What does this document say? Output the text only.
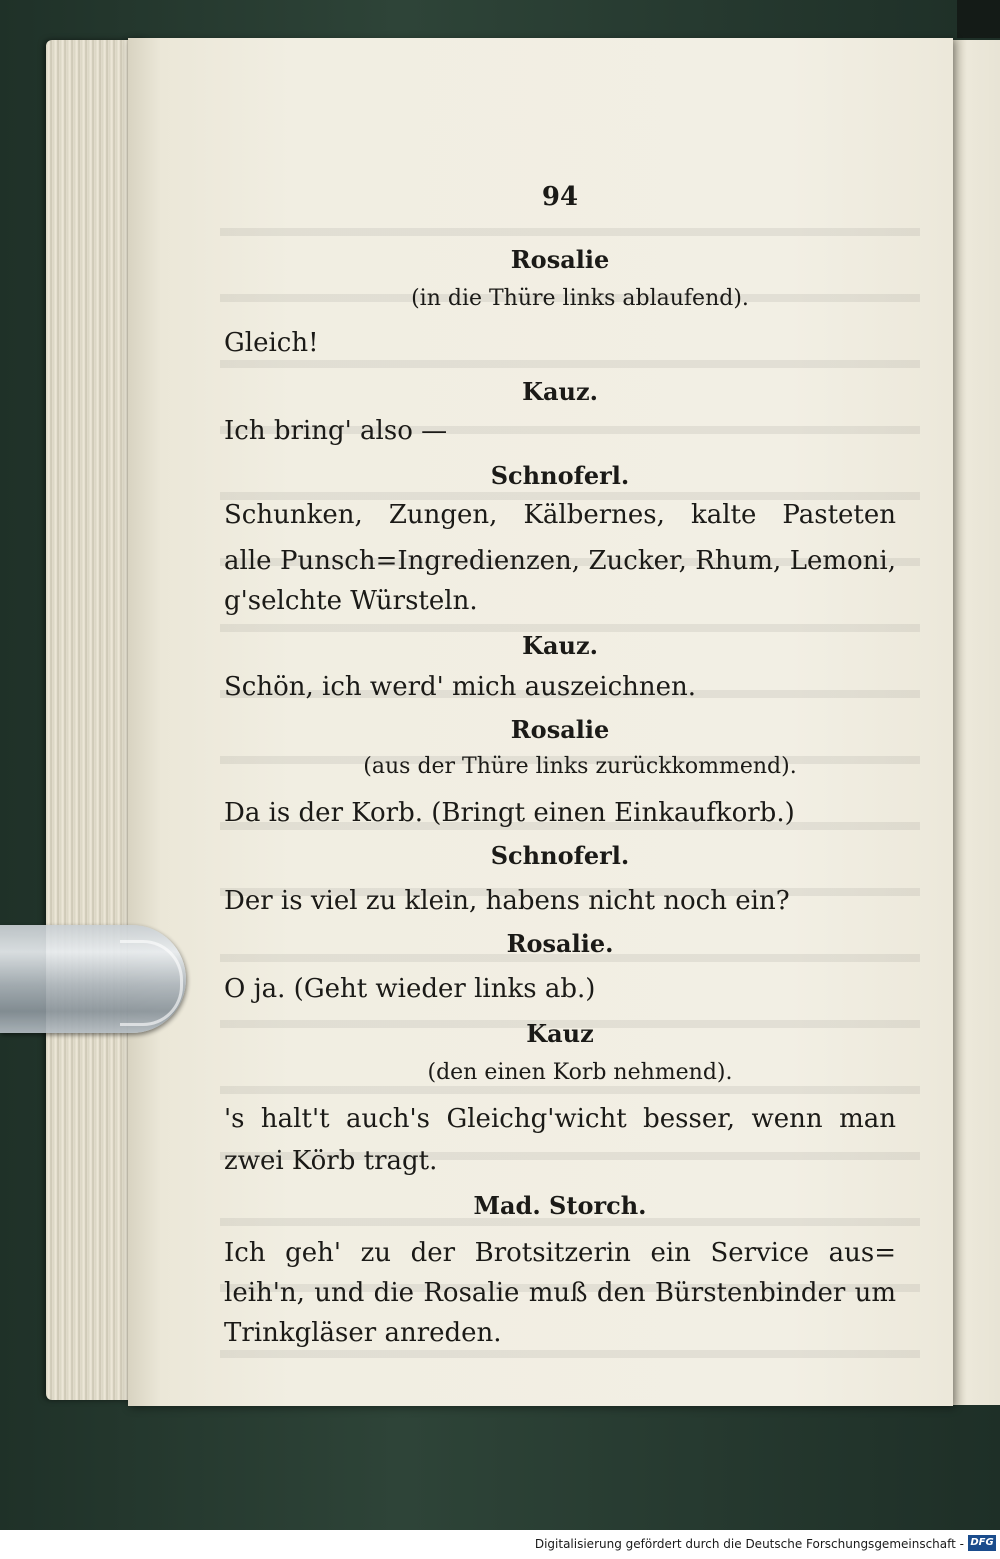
94
Rosalie
(in die Thüre links ablaufend).
Gleich!
Kauz.
Ich bring' also —
Schnoferl.
Schunken, Zungen, Kälbernes, kalte Pasteten
alle Punsch=Ingredienzen, Zucker, Rhum, Lemoni,
g'selchte Würsteln.
Kauz.
Schön, ich werd' mich auszeichnen.
Rosalie
(aus der Thüre links zurückkommend).
Da is der Korb. (Bringt einen Einkaufkorb.)
Schnoferl.
Der is viel zu klein, habens nicht noch ein?
Rosalie.
O ja. (Geht wieder links ab.)
Kauz
(den einen Korb nehmend).
's halt't auch's Gleichg'wicht besser, wenn man
zwei Körb tragt.
Mad. Storch.
Ich geh' zu der Brotsitzerin ein Service aus=
leih'n, und die Rosalie muß den Bürstenbinder um
Trinkgläser anreden.
Digitalisierung gefördert durch die Deutsche Forschungsgemeinschaft - DFG
